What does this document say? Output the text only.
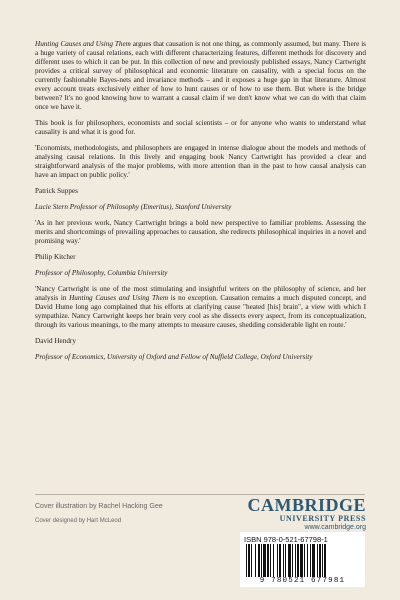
Hunting Causes and Using Them argues that causation is not one thing, as commonly assumed, but many. There is a huge variety of causal relations, each with different characterizing features, different methods for discovery and different uses to which it can be put. In this collection of new and previously published essays, Nancy Cartwright provides a critical survey of philosophical and economic literature on causality, with a special focus on the currently fashionable Bayes-nets and invariance methods – and it exposes a huge gap in that literature. Almost every account treats exclusively either of how to hunt causes or of how to use them. But where is the bridge between? It's no good knowing how to warrant a causal claim if we don't know what we can do with that claim once we have it.

This book is for philosophers, economists and social scientists – or for anyone who wants to understand what causality is and what it is good for.

'Economists, methodologists, and philosophers are engaged in intense dialogue about the models and methods of analysing causal relations. In this lively and engaging book Nancy Cartwright has provided a clear and straightforward analysis of the major problems, with more attention than in the past to how causal analysis can have an impact on public policy.'

Patrick Suppes

Lucie Stern Professor of Philosophy (Emeritus), Stanford University

'As in her previous work, Nancy Cartwright brings a bold new perspective to familiar problems. Assessing the merits and shortcomings of prevailing approaches to causation, she redirects philosophical inquiries in a novel and promising way.'

Philip Kitcher

Professor of Philosophy, Columbia University

'Nancy Cartwright is one of the most stimulating and insightful writers on the philosophy of science, and her analysis in Hunting Causes and Using Them is no exception. Causation remains a much disputed concept, and David Hume long ago complained that his efforts at clarifying cause "heated [his] brain", a view with which I sympathize. Nancy Cartwright keeps her brain very cool as she dissects every aspect, from its conceptualization, through its various meanings, to the many attempts to measure causes, shedding considerable light en route.'

David Hendry

Professor of Economics, University of Oxford and Fellow of Nuffield College, Oxford University

Cover illustration by Rachel Hacking Gee
Cover designed by Hart McLeod
CAMBRIDGE
UNIVERSITY PRESS
www.cambridge.org
ISBN 978-0-521-67798-1
9 780521 677981
